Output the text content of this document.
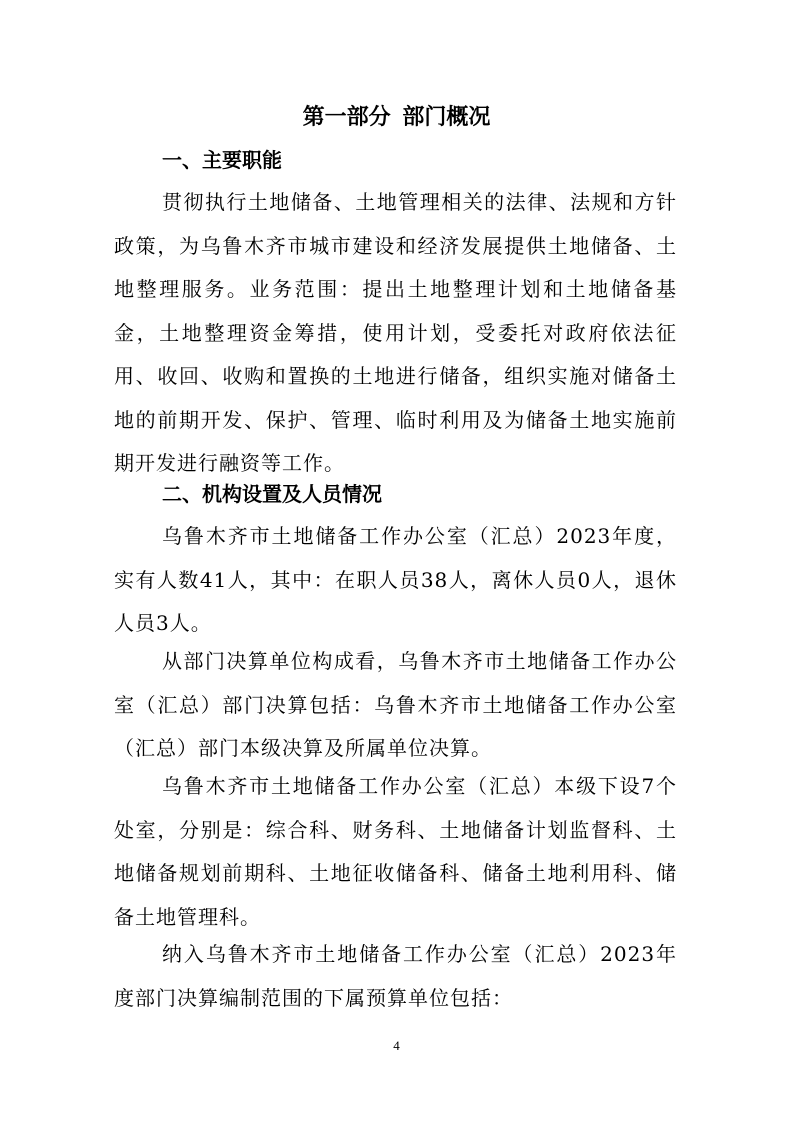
第一部分 部门概况
一、主要职能
贯彻执行土地储备、土地管理相关的法律、法规和方针政策，为乌鲁木齐市城市建设和经济发展提供土地储备、土地整理服务。业务范围：提出土地整理计划和土地储备基金，土地整理资金筹措，使用计划，受委托对政府依法征用、收回、收购和置换的土地进行储备，组织实施对储备土地的前期开发、保护、管理、临时利用及为储备土地实施前期开发进行融资等工作。
二、机构设置及人员情况
乌鲁木齐市土地储备工作办公室（汇总）2023年度，实有人数41人，其中：在职人员38人，离休人员0人，退休人员3人。
从部门决算单位构成看，乌鲁木齐市土地储备工作办公室（汇总）部门决算包括：乌鲁木齐市土地储备工作办公室（汇总）部门本级决算及所属单位决算。
乌鲁木齐市土地储备工作办公室（汇总）本级下设7个处室，分别是：综合科、财务科、土地储备计划监督科、土地储备规划前期科、土地征收储备科、储备土地利用科、储备土地管理科。
纳入乌鲁木齐市土地储备工作办公室（汇总）2023年度部门决算编制范围的下属预算单位包括：
4
